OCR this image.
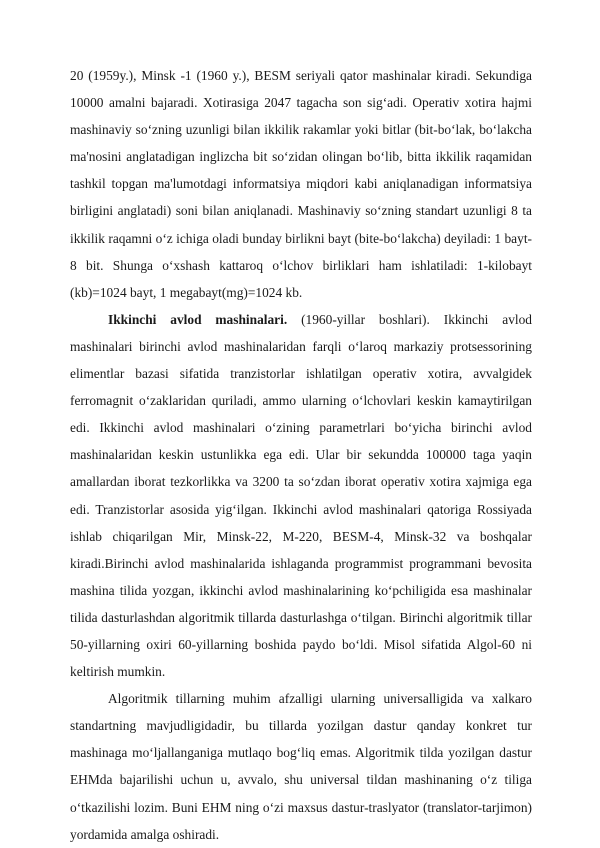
20 (1959y.), Minsk -1 (1960 y.), BESM seriyali qator mashinalar kiradi. Sekundiga 10000 amalni bajaradi. Xotirasiga 2047 tagacha son sig‘adi. Operativ xotira hajmi mashinaviy so‘zning uzunligi bilan ikkilik rakamlar yoki bitlar (bit-bo‘lak, bo‘lakcha ma'nosini anglatadigan inglizcha bit so‘zidan olingan bo‘lib, bitta ikkilik raqamidan tashkil topgan ma'lumotdagi informatsiya miqdori kabi aniqlanadigan informatsiya birligini anglatadi) soni bilan aniqlanadi. Mashinaviy so‘zning standart uzunligi 8 ta ikkilik raqamni o‘z ichiga oladi bunday birlikni bayt (bite-bo‘lakcha) deyiladi: 1 bayt- 8 bit. Shunga o‘xshash kattaroq o‘lchov birliklari ham ishlatiladi: 1-kilobayt (kb)=1024 bayt, 1 megabayt(mg)=1024 kb.

Ikkinchi avlod mashinalari. (1960-yillar boshlari). Ikkinchi avlod mashinalari birinchi avlod mashinalaridan farqli o‘laroq markaziy protsessorining elimentlar bazasi sifatida tranzistorlar ishlatilgan operativ xotira, avvalgidek ferromagnit o‘zaklaridan quriladi, ammo ularning o‘lchovlari keskin kamaytirilgan edi. Ikkinchi avlod mashinalari o‘zining parametrlari bo‘yicha birinchi avlod mashinalaridan keskin ustunlikka ega edi. Ular bir sekundda 100000 taga yaqin amallardan iborat tezkorlikka va 3200 ta so‘zdan iborat operativ xotira xajmiga ega edi. Tranzistorlar asosida yig‘ilgan. Ikkinchi avlod mashinalari qatoriga Rossiyada ishlab chiqarilgan Mir, Minsk-22, M-220, BESM-4, Minsk-32 va boshqalar kiradi.Birinchi avlod mashinalarida ishlaganda programmist programmani bevosita mashina tilida yozgan, ikkinchi avlod mashinalarining ko‘pchiligida esa mashinalar tilida dasturlashdan algoritmik tillarda dasturlashga o‘tilgan. Birinchi algoritmik tillar 50-yillarning oxiri 60-yillarning boshida paydo bo‘ldi. Misol sifatida Algol-60 ni keltirish mumkin.

Algoritmik tillarning muhim afzalligi ularning universalligida va xalkaro standartning mavjudligidadir, bu tillarda yozilgan dastur qanday konkret tur mashinaga mo‘ljallanganiga mutlaqo bog‘liq emas. Algoritmik tilda yozilgan dastur EHMda bajarilishi uchun u, avvalo, shu universal tildan mashinaning o‘z tiliga o‘tkazilishi lozim. Buni EHM ning o‘zi maxsus dastur-traslyator (translator-tarjimon) yordamida amalga oshiradi.
